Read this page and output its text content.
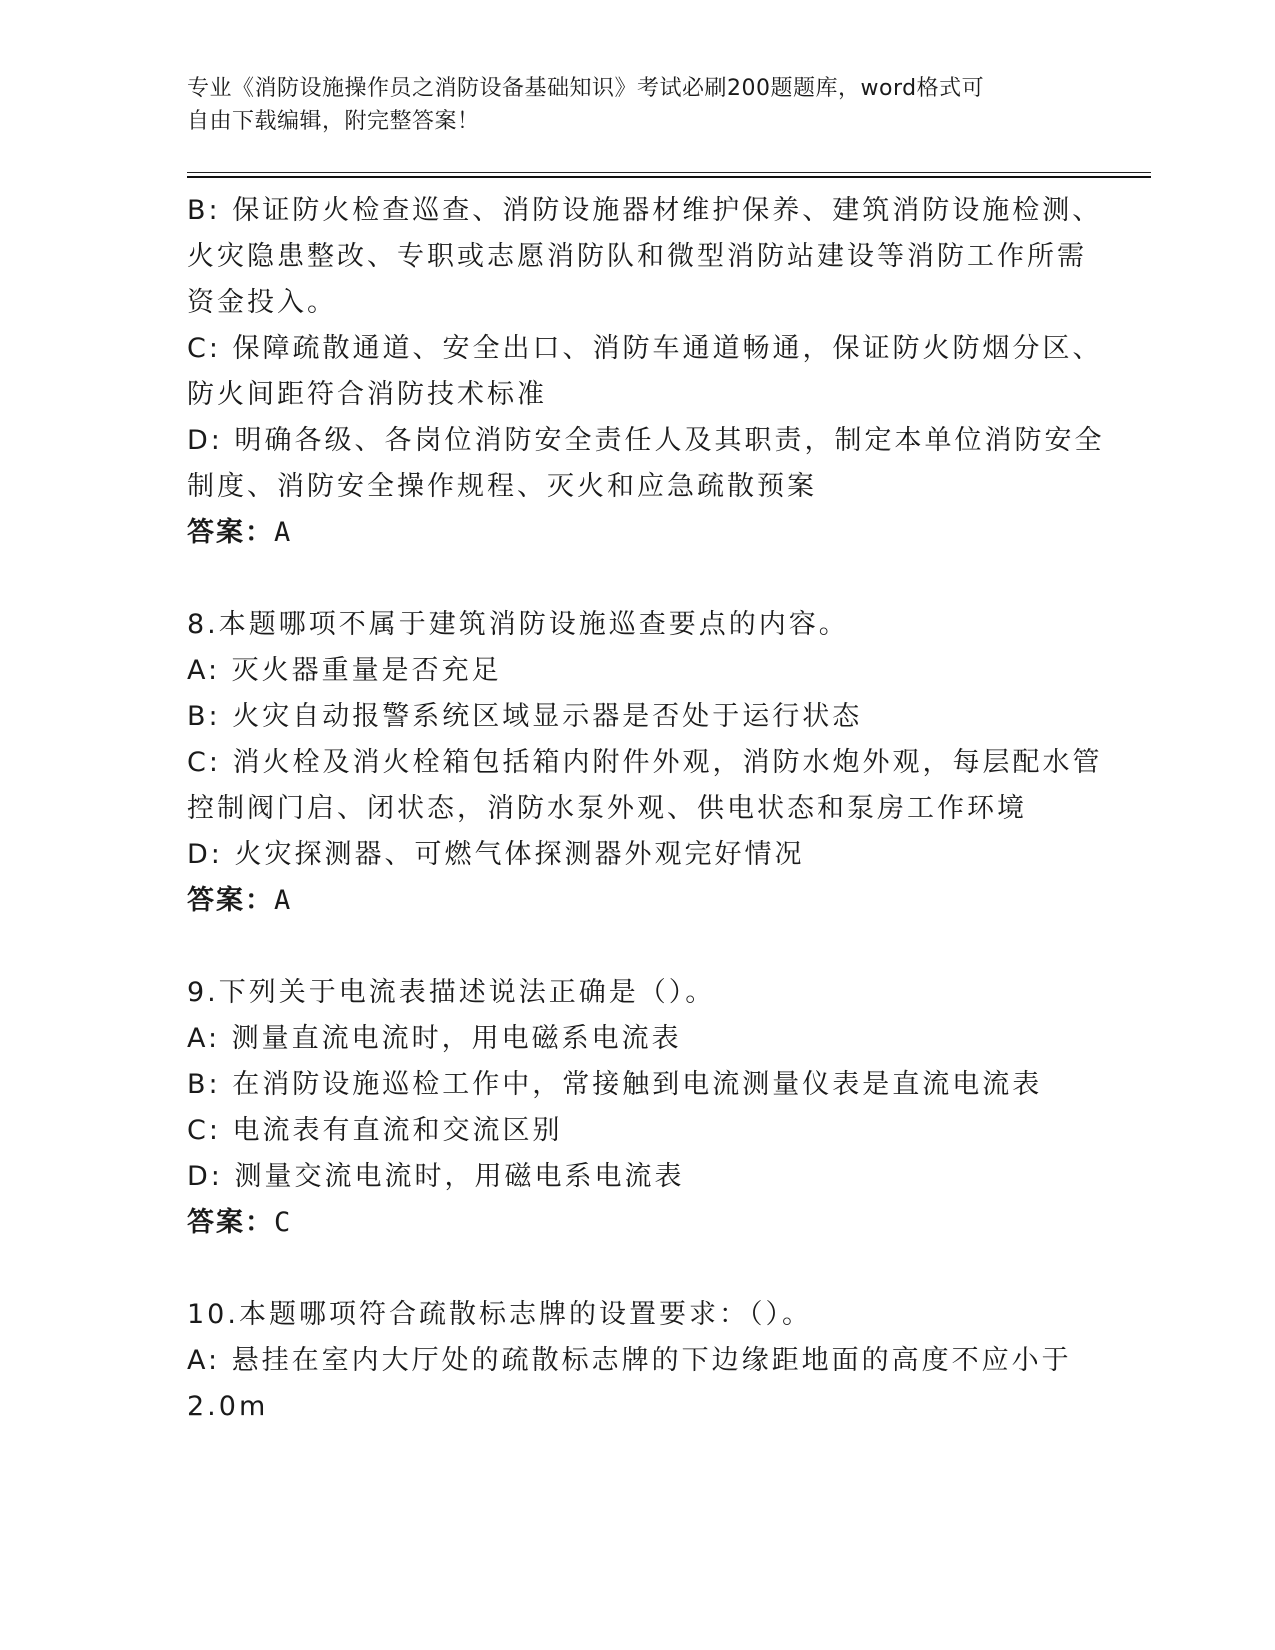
专业《消防设施操作员之消防设备基础知识》考试必刷200题题库，word格式可
自由下载编辑，附完整答案！
B: 保证防火检查巡查、消防设施器材维护保养、建筑消防设施检测、
火灾隐患整改、专职或志愿消防队和微型消防站建设等消防工作所需
资金投入。
C: 保障疏散通道、安全出口、消防车通道畅通，保证防火防烟分区、
防火间距符合消防技术标准
D: 明确各级、各岗位消防安全责任人及其职责，制定本单位消防安全
制度、消防安全操作规程、灭火和应急疏散预案
答案：A
8.本题哪项不属于建筑消防设施巡查要点的内容。
A: 灭火器重量是否充足
B: 火灾自动报警系统区域显示器是否处于运行状态
C: 消火栓及消火栓箱包括箱内附件外观，消防水炮外观，每层配水管
控制阀门启、闭状态，消防水泵外观、供电状态和泵房工作环境
D: 火灾探测器、可燃气体探测器外观完好情况
答案：A
9.下列关于电流表描述说法正确是（）。
A: 测量直流电流时，用电磁系电流表
B: 在消防设施巡检工作中，常接触到电流测量仪表是直流电流表
C: 电流表有直流和交流区别
D: 测量交流电流时，用磁电系电流表
答案：C
10.本题哪项符合疏散标志牌的设置要求：（）。
A: 悬挂在室内大厅处的疏散标志牌的下边缘距地面的高度不应小于
2.0m
